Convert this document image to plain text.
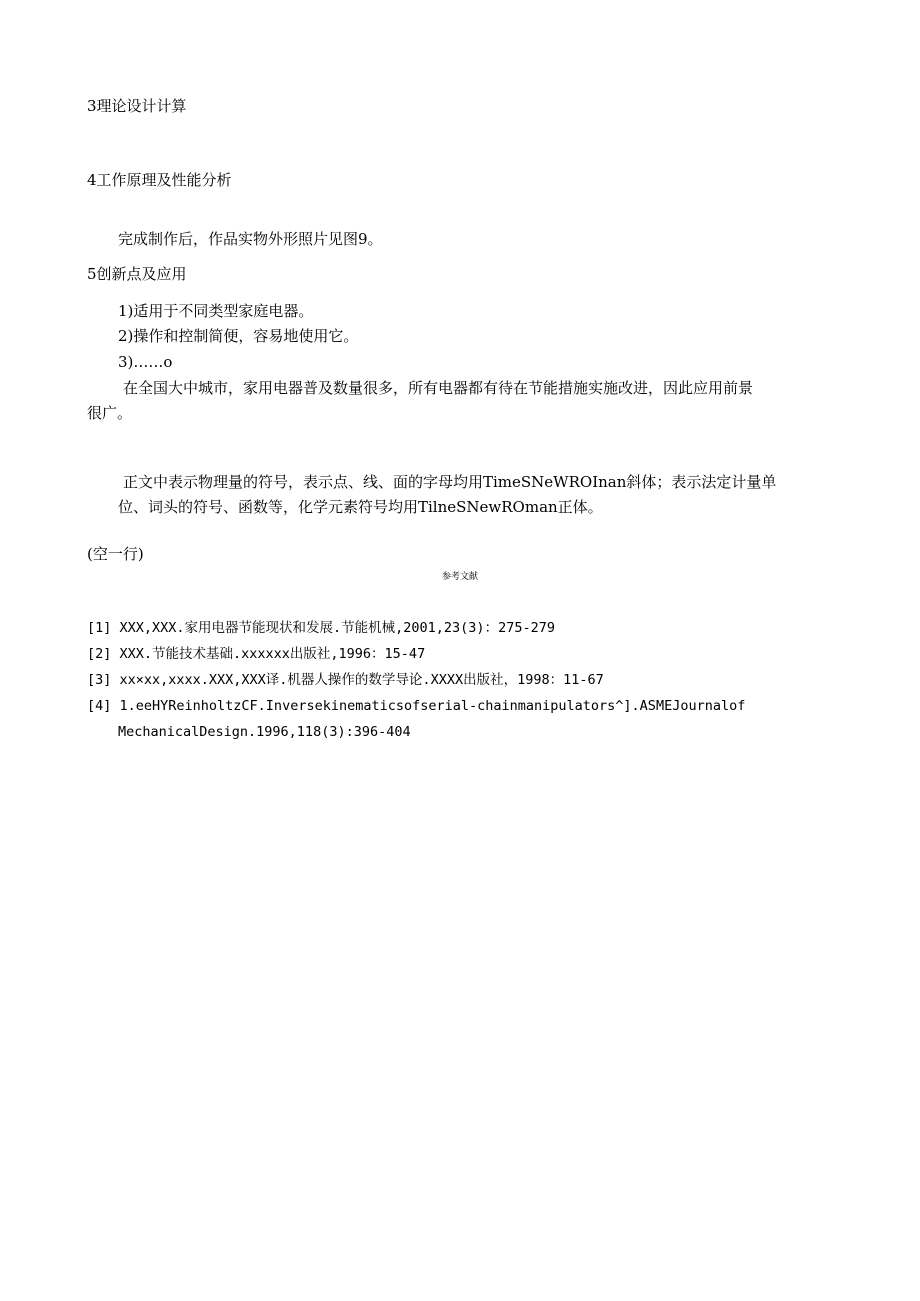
3理论设计计算
4工作原理及性能分析
完成制作后，作品实物外形照片见图9。
5创新点及应用
1)适用于不同类型家庭电器。
2)操作和控制简便，容易地使用它。
3)……o
在全国大中城市，家用电器普及数量很多，所有电器都有待在节能措施实施改进，因此应用前景
很广。
正文中表示物理量的符号，表示点、线、面的字母均用TimeSNeWROInan斜体；表示法定计量单
位、词头的符号、函数等，化学元素符号均用TilneSNewROman正体。
(空一行)
参考文献
[1] XXX,XXX.家用电器节能现状和发展.节能机械,2001,23(3)：275-279
[2] XXX.节能技术基础.xxxxxx出版社,1996：15-47
[3] xx×xx,xxxx.XXX,XXX译.机器人操作的数学导论.XXXX出版社，1998：11-67
[4] 1.eeHYReinholtzCF.Inversekinematicsofserial-chainmanipulators^].ASMEJournalof
MechanicalDesign.1996,118(3):396-404
